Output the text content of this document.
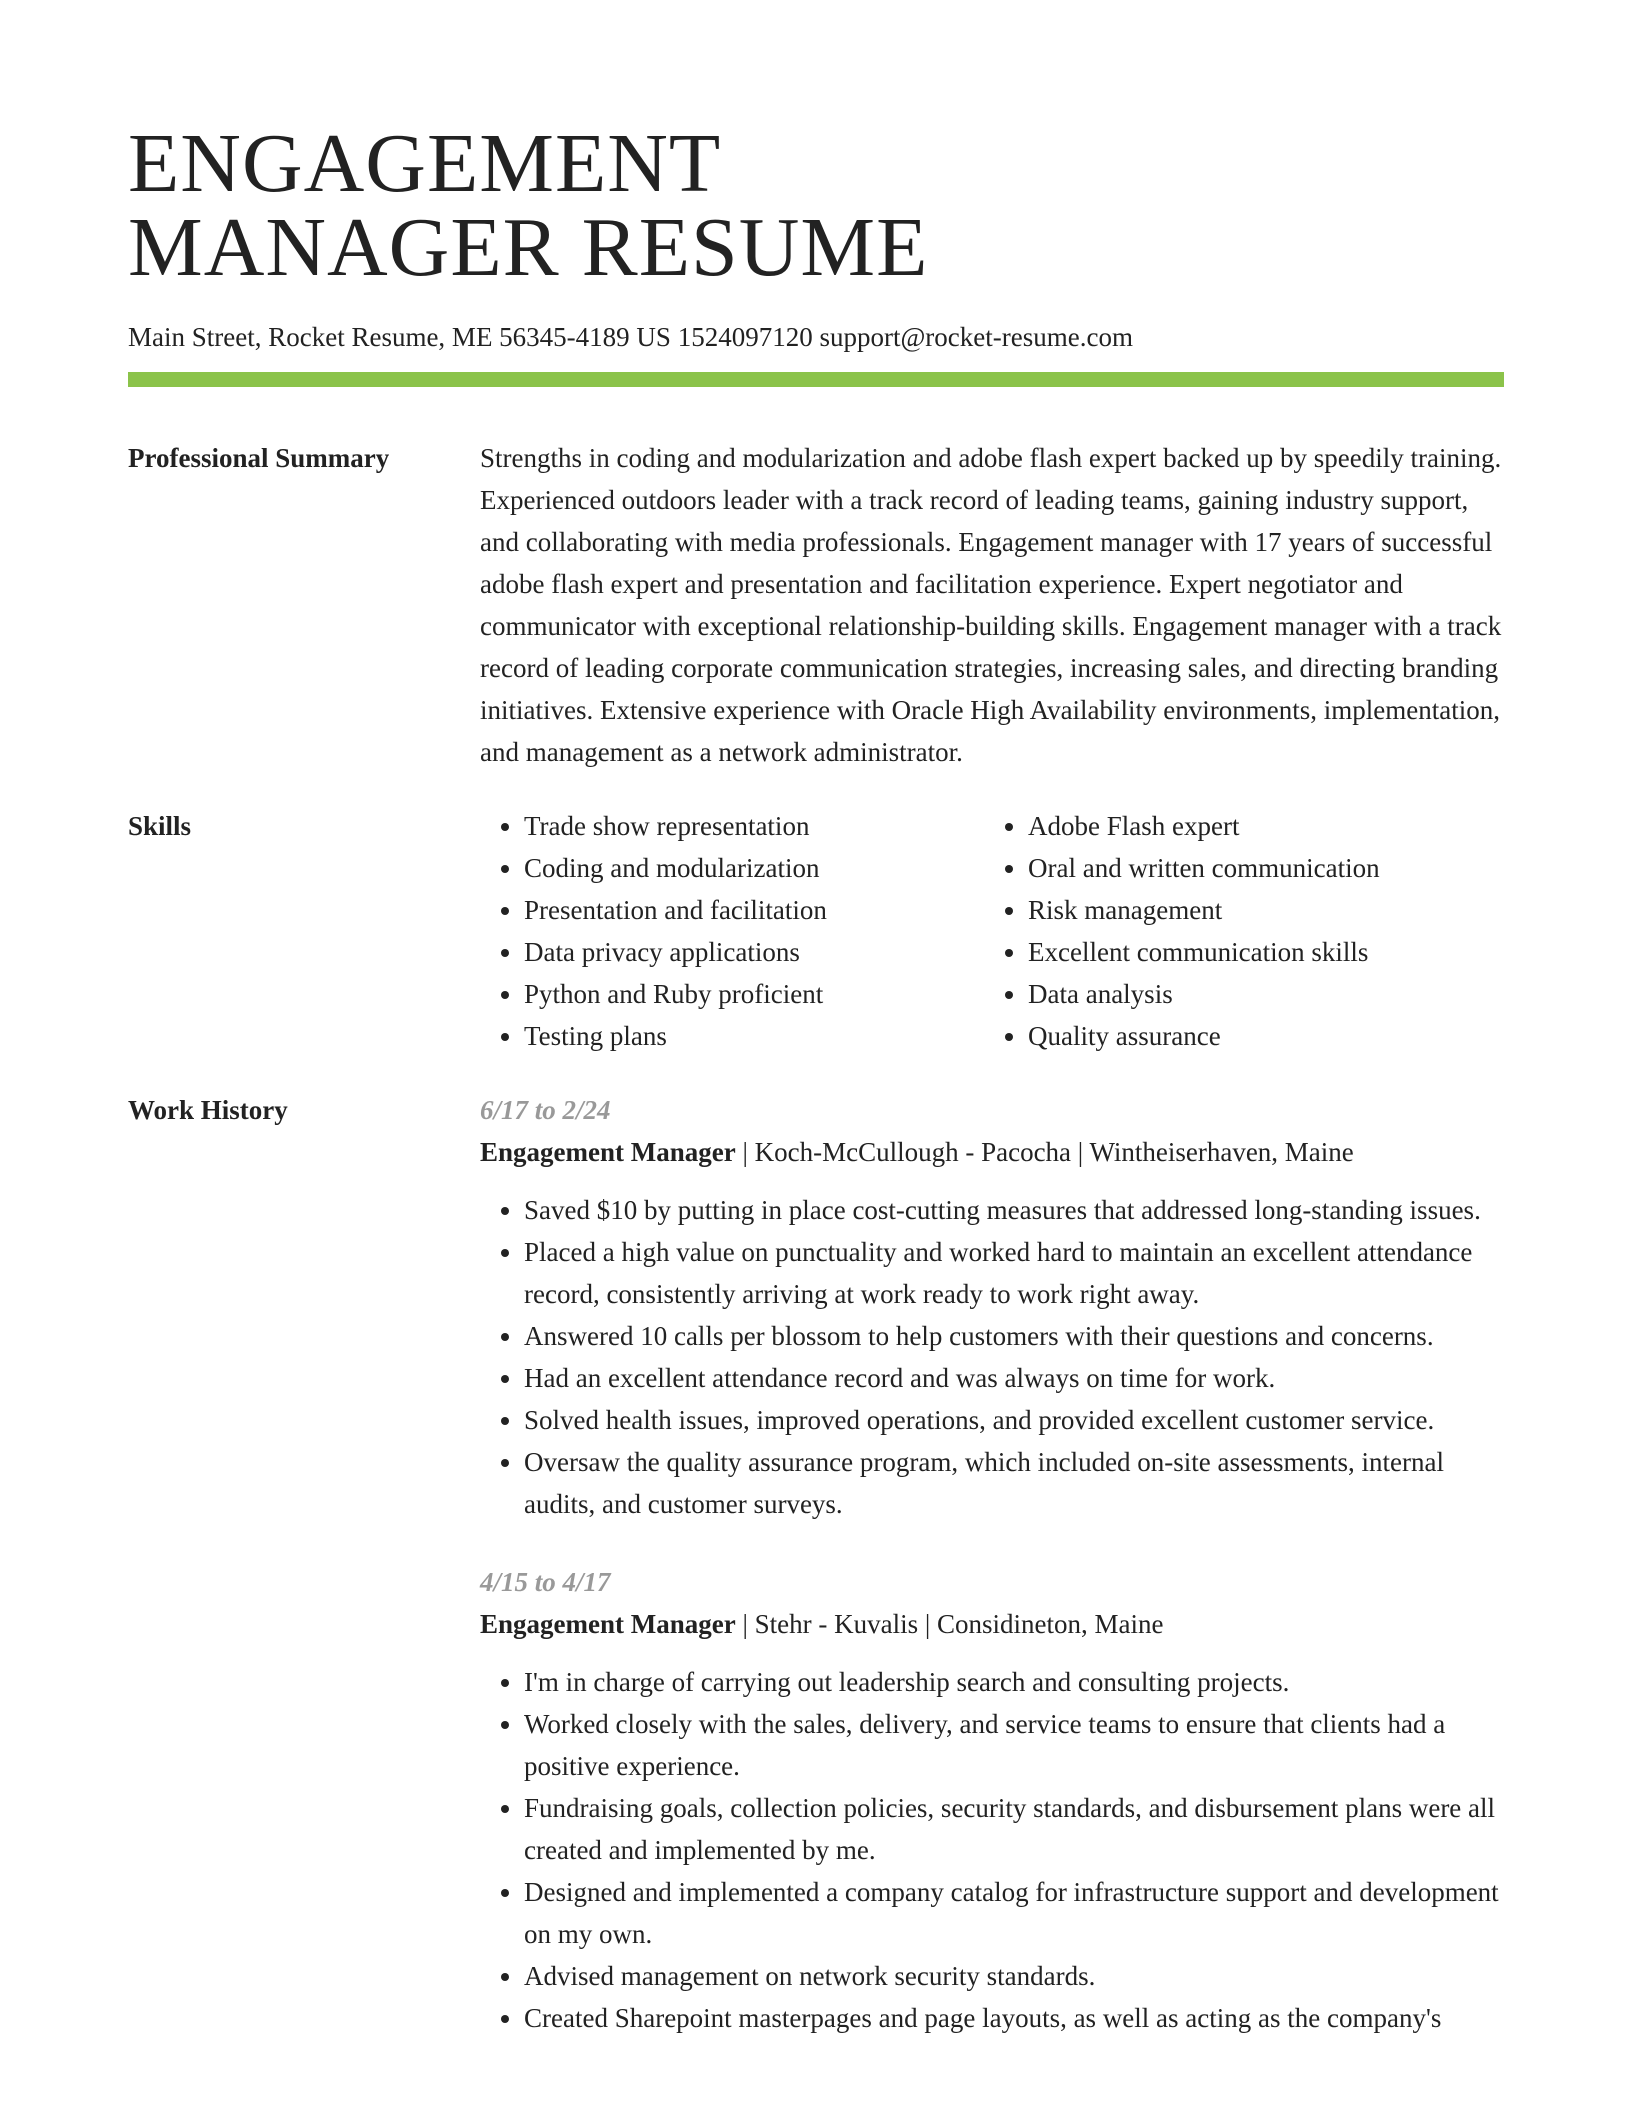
ENGAGEMENT
MANAGER RESUME
Main Street, Rocket Resume, ME 56345-4189 US 1524097120 support@rocket-resume.com
Professional Summary	Strengths in coding and modularization and adobe flash expert backed up by speedily training. Experienced outdoors leader with a track record of leading teams, gaining industry support, and collaborating with media professionals. Engagement manager with 17 years of successful adobe flash expert and presentation and facilitation experience. Expert negotiator and communicator with exceptional relationship-building skills. Engagement manager with a track record of leading corporate communication strategies, increasing sales, and directing branding initiatives. Extensive experience with Oracle High Availability environments, implementation, and management as a network administrator.

Skills
•	Trade show representation
• Coding and modularization
• Presentation and facilitation
• Data privacy applications
• Python and Ruby proficient
• Testing plans
• Adobe Flash expert
• Oral and written communication
• Risk management
• Excellent communication skills
• Data analysis
• Quality assurance
Work History	6/17 to 2/24

Engagement Manager | Koch-McCullough - Pacocha | Wintheiserhaven, Maine

• Saved $10 by putting in place cost-cutting measures that addressed long-standing issues.
• Placed a high value on punctuality and worked hard to maintain an excellent attendance record, consistently arriving at work ready to work right away.
• Answered 10 calls per blossom to help customers with their questions and concerns.
• Had an excellent attendance record and was always on time for work.
• Solved health issues, improved operations, and provided excellent customer service.
• Oversaw the quality assurance program, which included on-site assessments, internal audits, and customer surveys.
4/15 to 4/17

Engagement Manager | Stehr - Kuvalis | Considineton, Maine

• I'm in charge of carrying out leadership search and consulting projects.
• Worked closely with the sales, delivery, and service teams to ensure that clients had a positive experience.
• Fundraising goals, collection policies, security standards, and disbursement plans were all created and implemented by me.
• Designed and implemented a company catalog for infrastructure support and development on my own.
• Advised management on network security standards.
• Created Sharepoint masterpages and page layouts, as well as acting as the company's
